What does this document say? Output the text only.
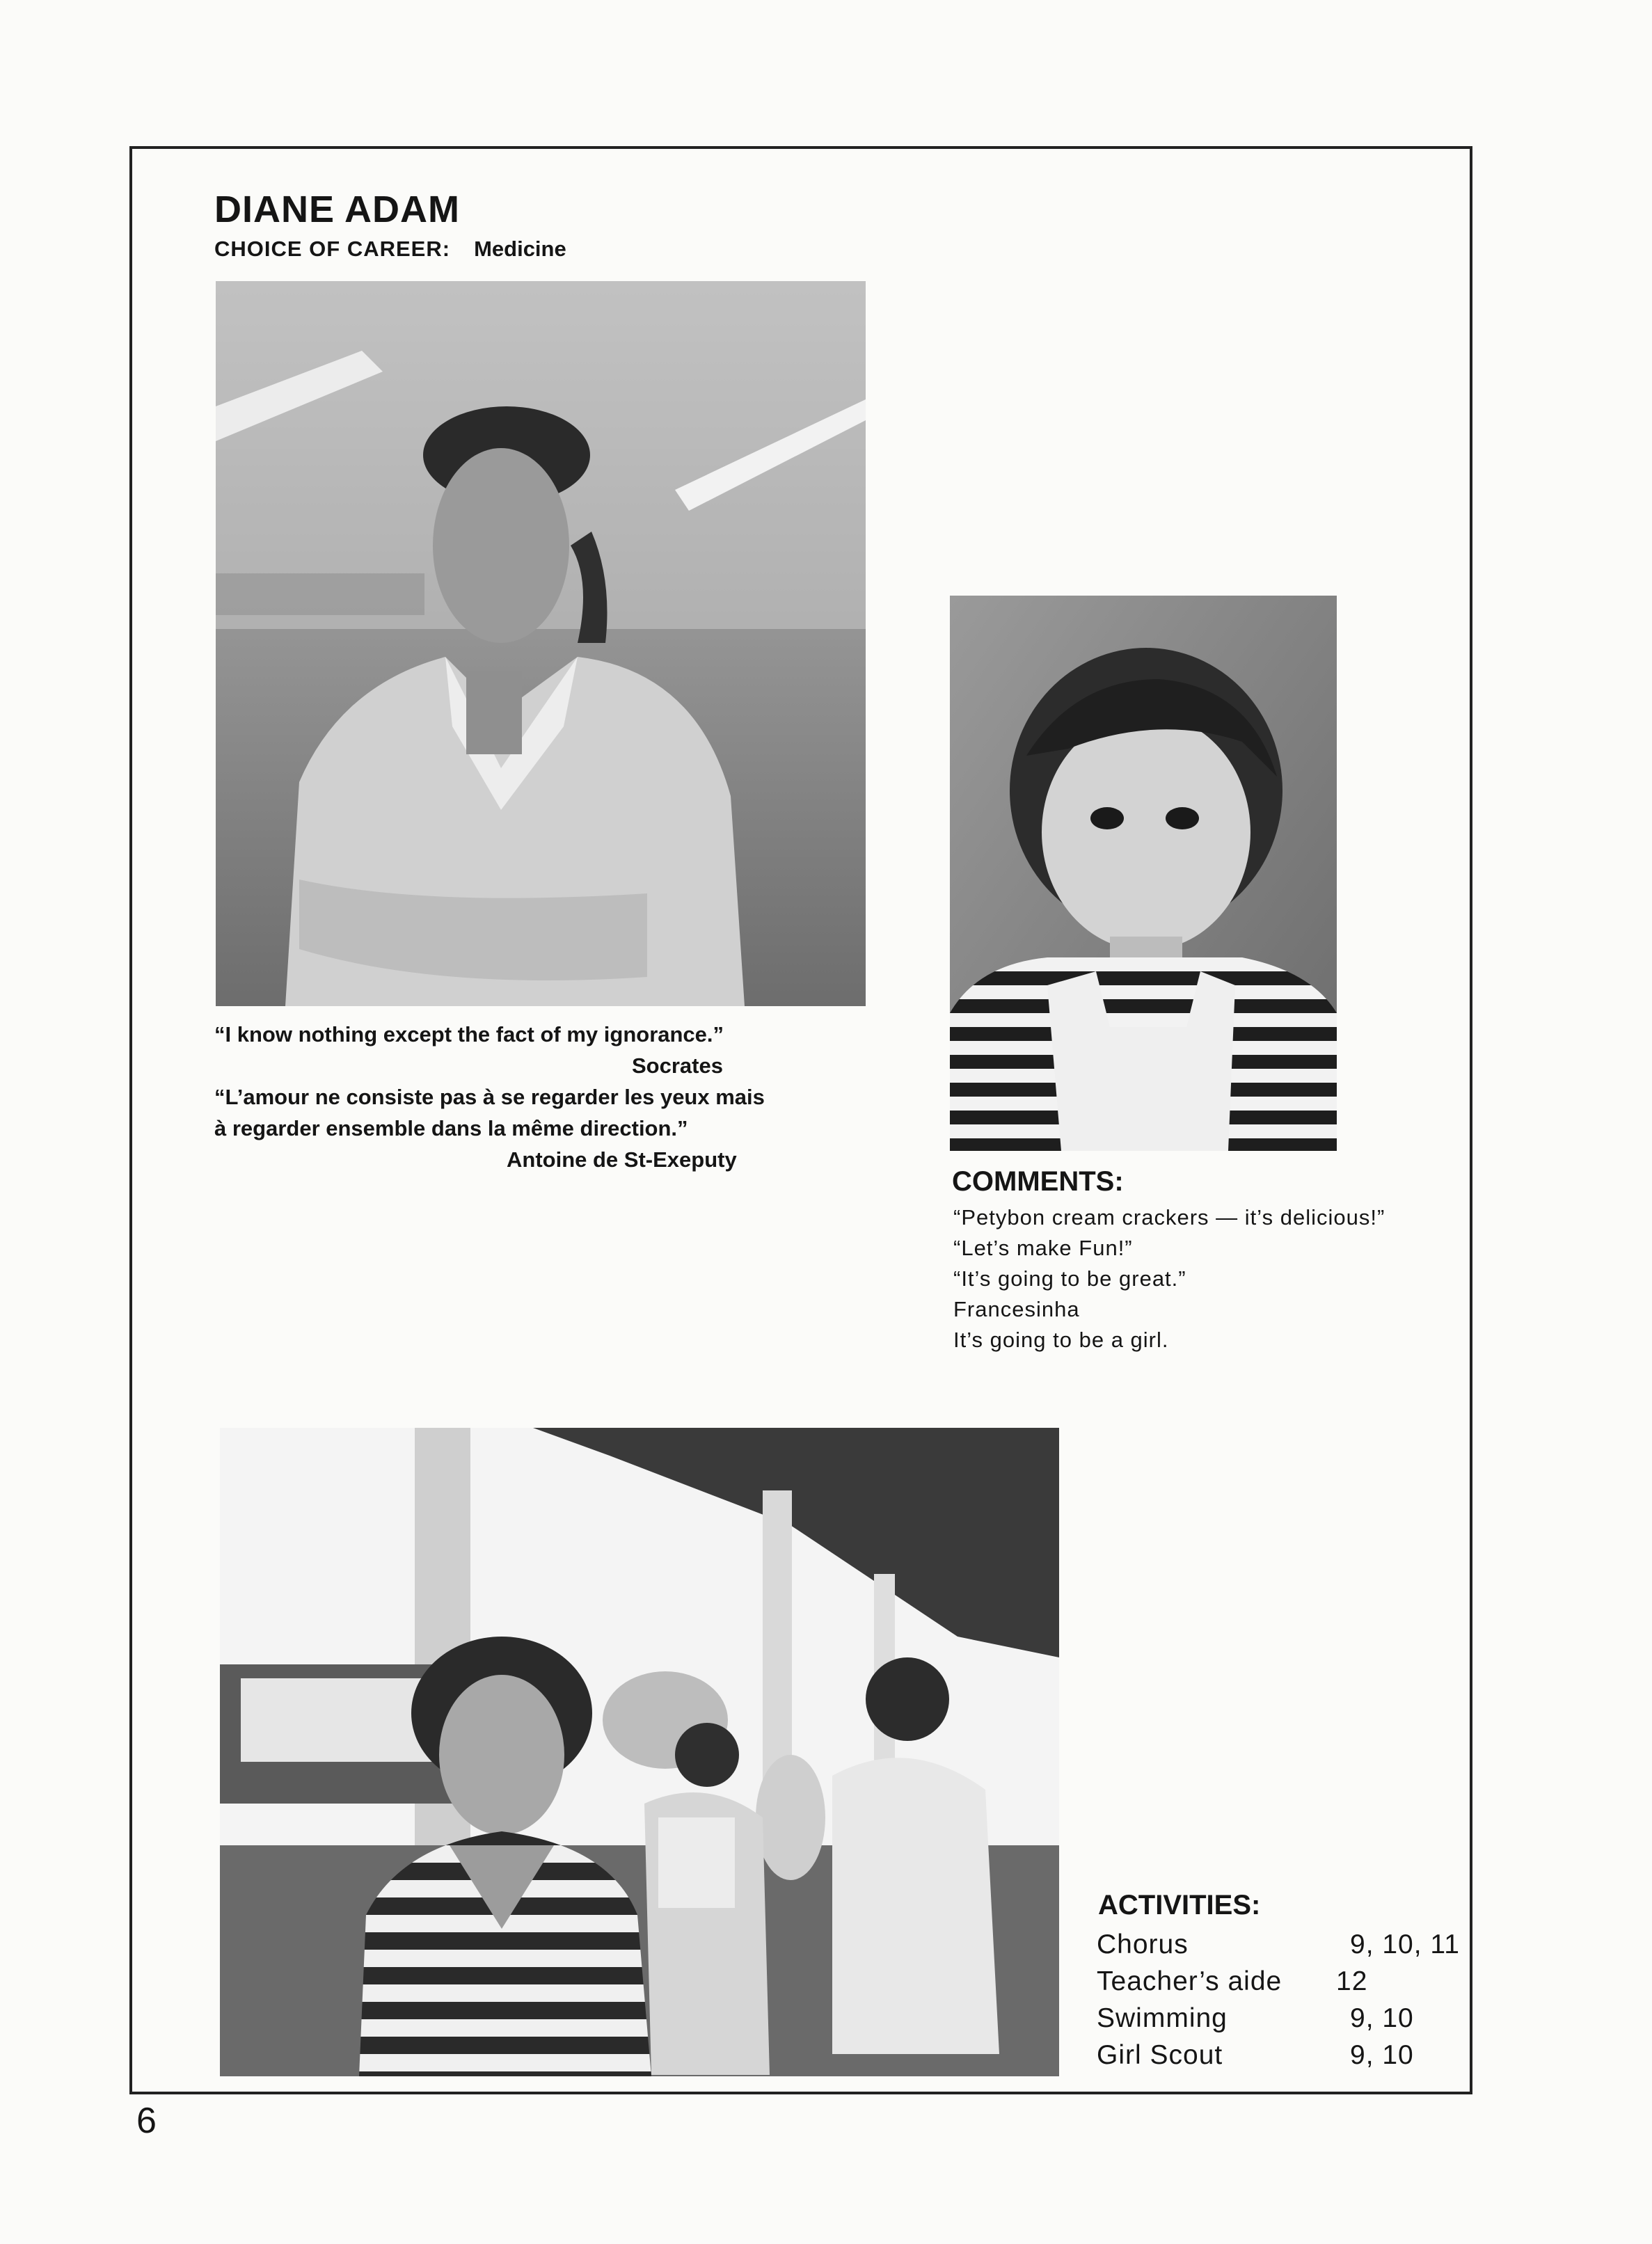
DIANE ADAM
CHOICE OF CAREER: Medicine
“I know nothing except the fact of my ignorance.”
Socrates
“L’amour ne consiste pas à se regarder les yeux mais
à regarder ensemble dans la même direction.”
Antoine de St-Exeputy
COMMENTS:
“Petybon cream crackers — it’s delicious!”
“Let’s make Fun!”
“It’s going to be great.”
Francesinha
It’s going to be a girl.
ACTIVITIES:
Chorus	9, 10, 11
Teacher’s aide 12
Swimming	9, 10
Girl Scout	9, 10
6
